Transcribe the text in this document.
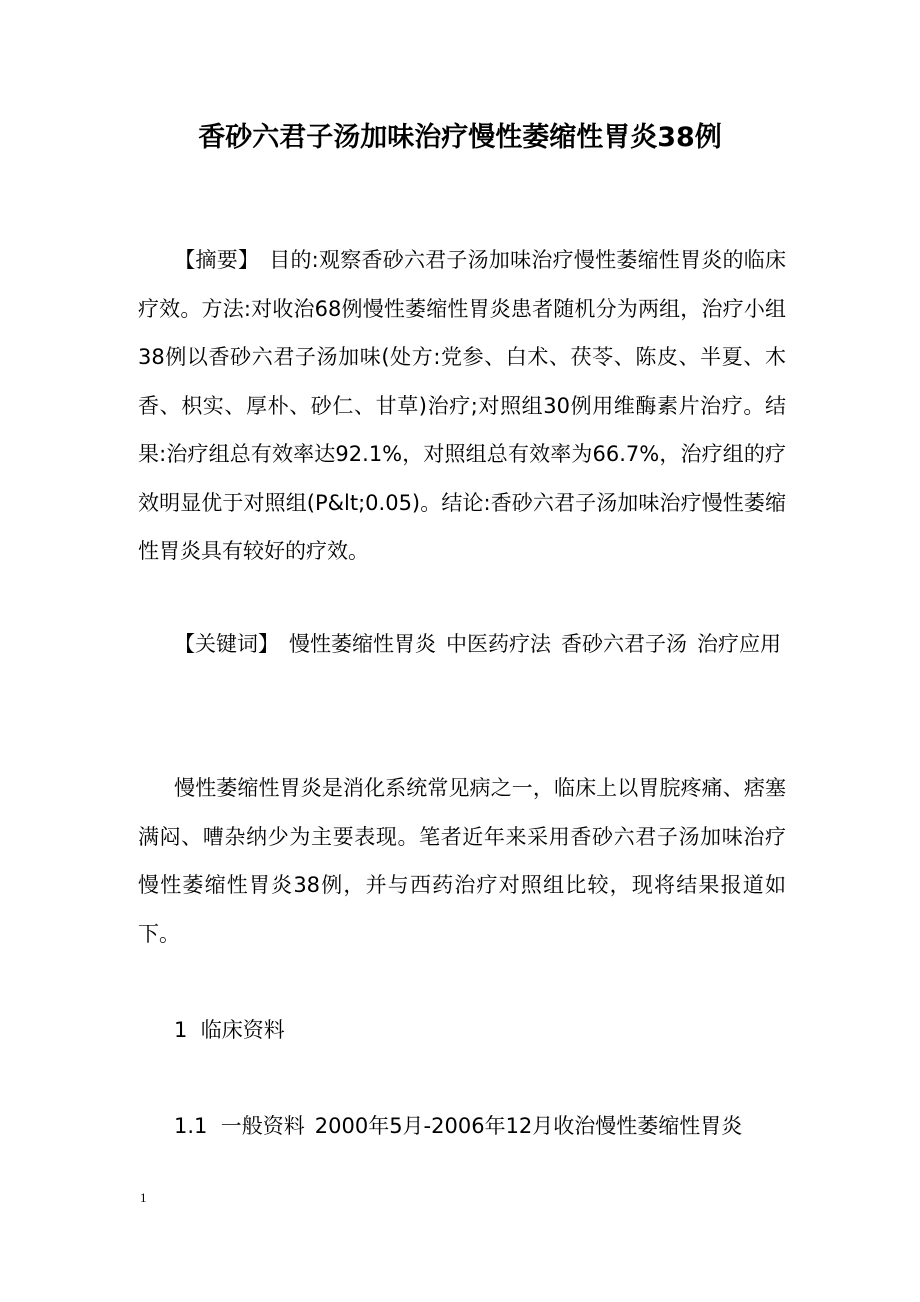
香砂六君子汤加味治疗慢性萎缩性胃炎38例
【摘要】 目的:观察香砂六君子汤加味治疗慢性萎缩性胃炎的临床疗效。方法:对收治68例慢性萎缩性胃炎患者随机分为两组，治疗小组38例以香砂六君子汤加味(处方:党参、白术、茯苓、陈皮、半夏、木香、枳实、厚朴、砂仁、甘草)治疗;对照组30例用维酶素片治疗。结果:治疗组总有效率达92.1%，对照组总有效率为66.7%，治疗组的疗效明显优于对照组(P&lt;0.05)。结论:香砂六君子汤加味治疗慢性萎缩性胃炎具有较好的疗效。
【关键词】 慢性萎缩性胃炎 中医药疗法 香砂六君子汤 治疗应用
慢性萎缩性胃炎是消化系统常见病之一，临床上以胃脘疼痛、痞塞满闷、嘈杂纳少为主要表现。笔者近年来采用香砂六君子汤加味治疗慢性萎缩性胃炎38例，并与西药治疗对照组比较，现将结果报道如下。
1  临床资料
1.1  一般资料 2000年5月-2006年12月收治慢性萎缩性胃炎
1
